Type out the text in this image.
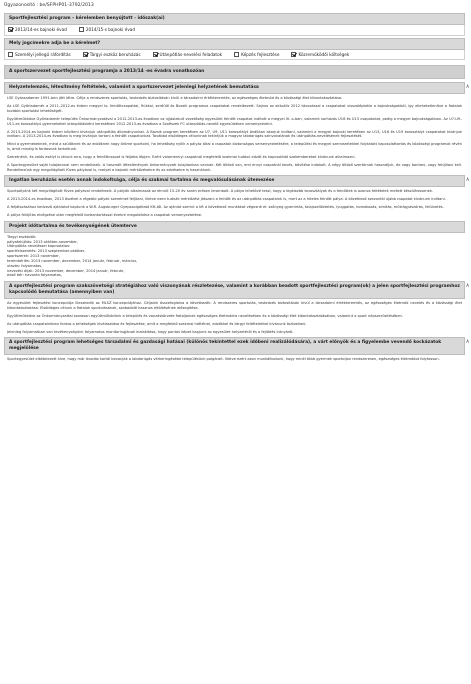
Ügyazonosító : be/SFPHP01-3792/2013
Sportfejlesztési program – kérelemben benyújtott - időszak(ai)
2013/14-es bajnoki évad	2014/15-s bajnoki évad
Mely jogcímekre adja be a kérelmet?
Személyi jellegű ráfordítás	Tárgyi eszköz beruházás	Utánpótlás-nevelési feladatok	Képzés fejlesztése	Közreműködői költségek
A sportszervezet sportfejlesztési programja a 2013/14 -es évadra vonatkozóan
Helyzetelemzés, létesítmény feltételek, valamint a sportszervezet jelenlegi helyzetének bemutatása	A
LSE Gyáraadamer 1991-ben jött létre. Célja a rendszeres sportolás, testedzés biztosításán kívül a társadalmi értékteremtés, az egészséges életmód és a közösségi élet kibontakoztatása.
Az LSE Győrladamér a 2011–2012-es évben megyei Io. felnőttcsapattal, fiúkkal, serdülő és Bozsik programos csapatokat rendelkezett. Sajnos az aktuális 2012 távozással a csapatokat visszaléptette a bajnokságokból, így ellehetetlenítve a fiatalok további sportolási lehetőségét.
Együttműködve Győrladamér település Önkormányzatával a 2012-2013-as évadban az újjáalakult vezetőség egyesület felnőtt csapatot indított a megyei III. o-ban, valamint sorházás U16 és U13 csapatokat, pedig a megyei bajnokságokban. Az U7-U9–U11-es korosztályú gyermekeket utánpótlásként kerestében 2012-2013-as évadban a Szofiszek FC utánpótlás-nevelő egyesületben versenyeztetni.
A 2013-2014-es bajnoki évben bővíteni kívánjuk utánpótlás állományunkat. A Bozsik program keretében az U7, U9, U11 korosztályt önállóan akarjuk indítani, valamint a megyei bajnoki keretében az U13, U16 és U19 korosztályt csapatokat kívánjuk indítani. A 2013-2014-es évadban is meg kívánjuk tartani a felnőtt csapatunkat. Továbbá elsődleges célunknak tekintjük a magyar labdarúgás színvonalának és utánpótlás-nevelésének fejlesztését.
Mind a gyermekeknek, mind a szülőknek és az edzőknek nagy öröme sportolni, ha lehetőség nyílik a pályáz által a csapatok biztonságos versenyeztetésére, a települési és megyei szervezetekkel folytatott kapcsolattartás és közösségi programok révén is, amit mindig is fontosnak tartottunk.
Szeretnénk, és valós esélyt is látunk arra, hogy a felnőttcsapat is feljebb lépjen. Ezért valamennyi csapatnál megfelelő szakmai tudású edzőt és kapcsolódó szakembereket kívánunk alkalmazni.
A Sportegyesület saját tulajdonnal nem rendelkezik. A használt létesítmények önkormányzati tulajdonban vannak. Két öltöző van, emi ennyi csapatnál kevés, bővítése indokolt. A négy öltöző szertárnak használjuk, de vagy bontani, vagy felújítani kell. Rendelkezünk egy megvilágított füves pályával is, melyet a bajnoki mérkőzésekre és az edzésekre is használunk.
Ingatlan beruházás esetén annak indokoltsága, célja és szakmai tartalma és megvalósulásának ütemezése	A
Sportpályánk két megvilágított füves pályával rendelkezik. A pályák alkalmasak az elmúlt 15-20 év során erősen lerombolt. A pálya lehetővé teszi, hogy a legkisebb korosztályok és a felnőttek is azonos feltételek mellett készülhessenek.
A 2013-2014-es évadban, 2013 őszével a régebbi pályák szerelmet feljítani, illetve ezen tudnák mérkőzést játszani a felnőtt és az utánpótlás csapataink is, mert az a hiteles felnőtt pálya. A következő szezontól újabb csapatot kívánunk indítani.
A feljátszásához kedvező ajánlatot kaptunk a W.R. Augsburger Gyepszolgáltató Kft-től. Az ajánlat szerint a kft a következő munkákat végezné el: szőnyeg gyomirtás, talajszellőztetés, lyuggatás, homokozás, simítás, műtrágyaszórás, felülvetés.
A pálya felújítás elvégzése után megfelelő korbantartással évekre megoldódna a csapatok versenyeztetése.
Projekt időtartalma és tevékenységének ütemterve
Tárgyi eszközök:
pályafelújítás: 2013 október-november,
Utánpótlás neveléssel kapcsolatos:
sportfelszerelés: 2013 szeptember-október,
sportszerek: 2013 november,
terembérlés: 2013 november, december, 2014 január, február, március,
utazás: folyamatos,
nevezési díjak: 2013 november, december, 2014 január, február,
edző bér: havonta folyamatos,
A sportfejlesztési program szakszövetségi stratégiához való viszonyának részletezése, valamint a korábban beadott sportfejlesztési program(ok) a jelen sportfejlesztési programhoz kapcsolódó bemutatása (amennyiben van)
A
Az egyesület fejlesztési koncepciója illeszkedik az MLSZ koncepciójához. Céljaink összefoglalva a következők: A rendszeres sportolás, testedzés biztosításán kívül a társadalmi értékteremtés, az egészséges életmód nevelés és a közösségi élet kibontakoztatása. Elsődleges célunk a fiatalok sportolásának, szabadidő hasznos eltöltésének elősegítése.
Együttműködve az Önkormányzattal szorosan együttműködünk a település és vonzáskörzete fiataljainak egészséges életmódra nevelésében és a közösségi élet kibontakoztatásában, valamint a sport népszerűsítésében.
Az utánpótlás csapatainkban fontos a tehetségek kiválasztása és fejlesztése, amit a megfelelő szakmai háttérrel, edzőkkel és tárgyi feltételekkel kívánunk biztosítani.
Jelenleg folyamatban van tevékenységünk folyamatos monitoringjának kialakítása, hogy pontos képet kapjunk az egyesület helyzetéről és a fejlődés irányáról.
A sportfejlesztési program lehetséges társadalmi és gazdasági hatásai (különös tekintettel ezek időbeni realizálódására), a várt előnyök és a figyelembe vevendő kockázatok megjelölése
A
Sportegyesület elkötelezett híve, hogy már óvodás kortól bevonják a labdarúgás vérkeringésébe településünk polgárait. Illetve ezért azon munkálkodunk, hogy minél több gyermek sportoljon rendszeresen, egészséges életmódot folytasson.
